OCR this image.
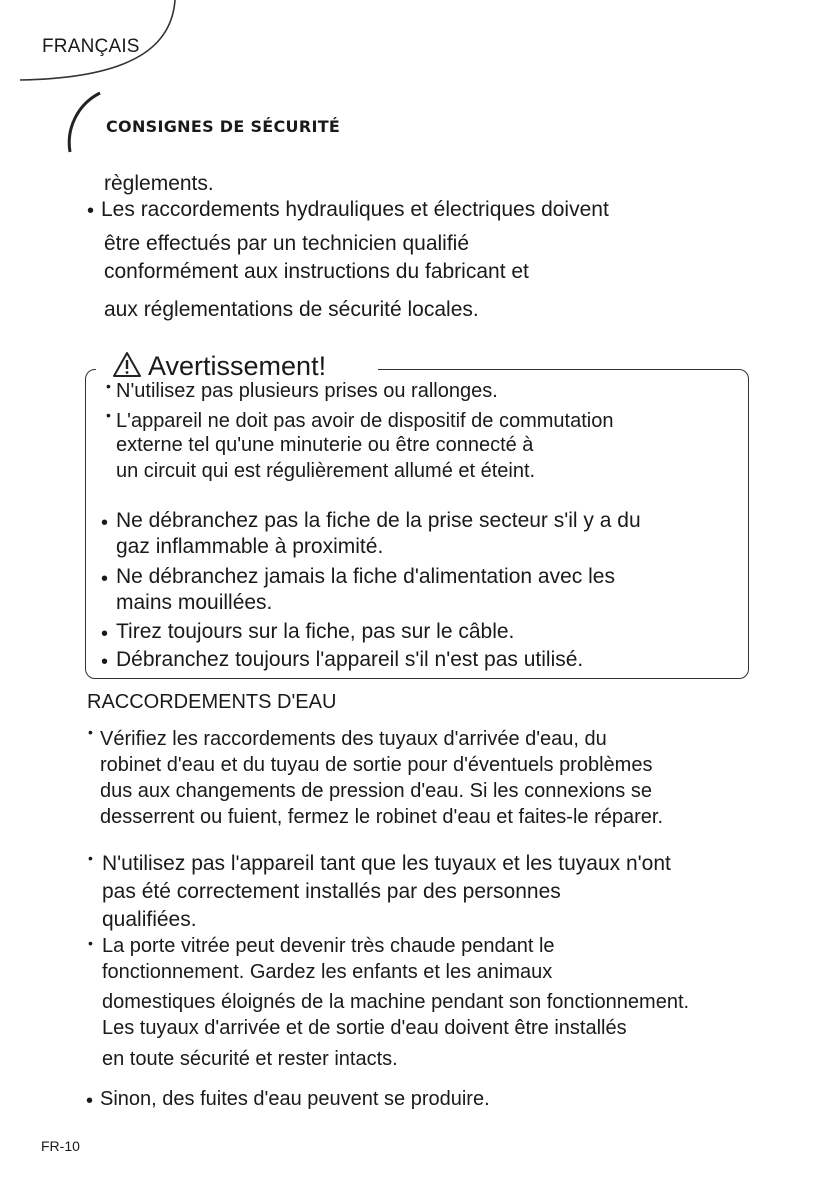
FRANÇAIS
CONSIGNES DE SÉCURITÉ
règlements.
• Les raccordements hydrauliques et électriques doivent
être effectués par un technicien qualifié
conformément aux instructions du fabricant et
aux réglementations de sécurité locales.
Avertissement!
• N'utilisez pas plusieurs prises ou rallonges.
• L'appareil ne doit pas avoir de dispositif de commutation
externe tel qu'une minuterie ou être connecté à
un circuit qui est régulièrement allumé et éteint.
• Ne débranchez pas la fiche de la prise secteur s'il y a du
gaz inflammable à proximité.
• Ne débranchez jamais la fiche d'alimentation avec les
mains mouillées.
• Tirez toujours sur la fiche, pas sur le câble.
• Débranchez toujours l'appareil s'il n'est pas utilisé.
RACCORDEMENTS D'EAU
• Vérifiez les raccordements des tuyaux d'arrivée d'eau, du
robinet d'eau et du tuyau de sortie pour d'éventuels problèmes
dus aux changements de pression d'eau. Si les connexions se
desserrent ou fuient, fermez le robinet d'eau et faites-le réparer.
• N'utilisez pas l'appareil tant que les tuyaux et les tuyaux n'ont
pas été correctement installés par des personnes
qualifiées.
• La porte vitrée peut devenir très chaude pendant le
fonctionnement. Gardez les enfants et les animaux
domestiques éloignés de la machine pendant son fonctionnement.
Les tuyaux d'arrivée et de sortie d'eau doivent être installés
en toute sécurité et rester intacts.
• Sinon, des fuites d'eau peuvent se produire.
FR-10
